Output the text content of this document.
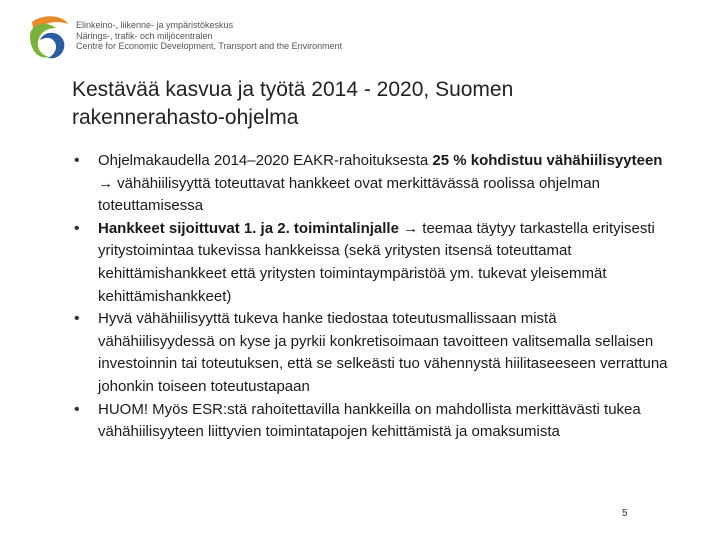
Elinkeino-, liikenne- ja ympäristökeskus
Närings-, trafik- och miljöcentralen
Centre for Economic Development, Transport and the Environment
Kestävää kasvua ja työtä 2014 - 2020, Suomen rakennerahasto-ohjelma
• Ohjelmakaudella 2014–2020 EAKR-rahoituksesta 25 % kohdistuu vähähiilisyyteen → vähähiilisyyttä toteuttavat hankkeet ovat merkittävässä roolissa ohjelman toteuttamisessa
• Hankkeet sijoittuvat 1. ja 2. toimintalinjalle → teemaa täytyy tarkastella erityisesti yritystoimintaa tukevissa hankkeissa (sekä yritysten itsensä toteuttamat kehittämishankkeet että yritysten toimintaympäristöä ym. tukevat yleisemmät kehittämishankkeet)
• Hyvä vähähiilisyyttä tukeva hanke tiedostaa toteutusmallissaan mistä vähähiilisyydessä on kyse ja pyrkii konkretisoimaan tavoitteen valitsemalla sellaisen investoinnin tai toteutuksen, että se selkeästi tuo vähennystä hiilitaseeseen verrattuna johonkin toiseen toteutustapaan
• HUOM! Myös ESR:stä rahoitettavilla hankkeilla on mahdollista merkittävästi tukea vähähiilisyyteen liittyvien toimintatapojen kehittämistä ja omaksumista
5
